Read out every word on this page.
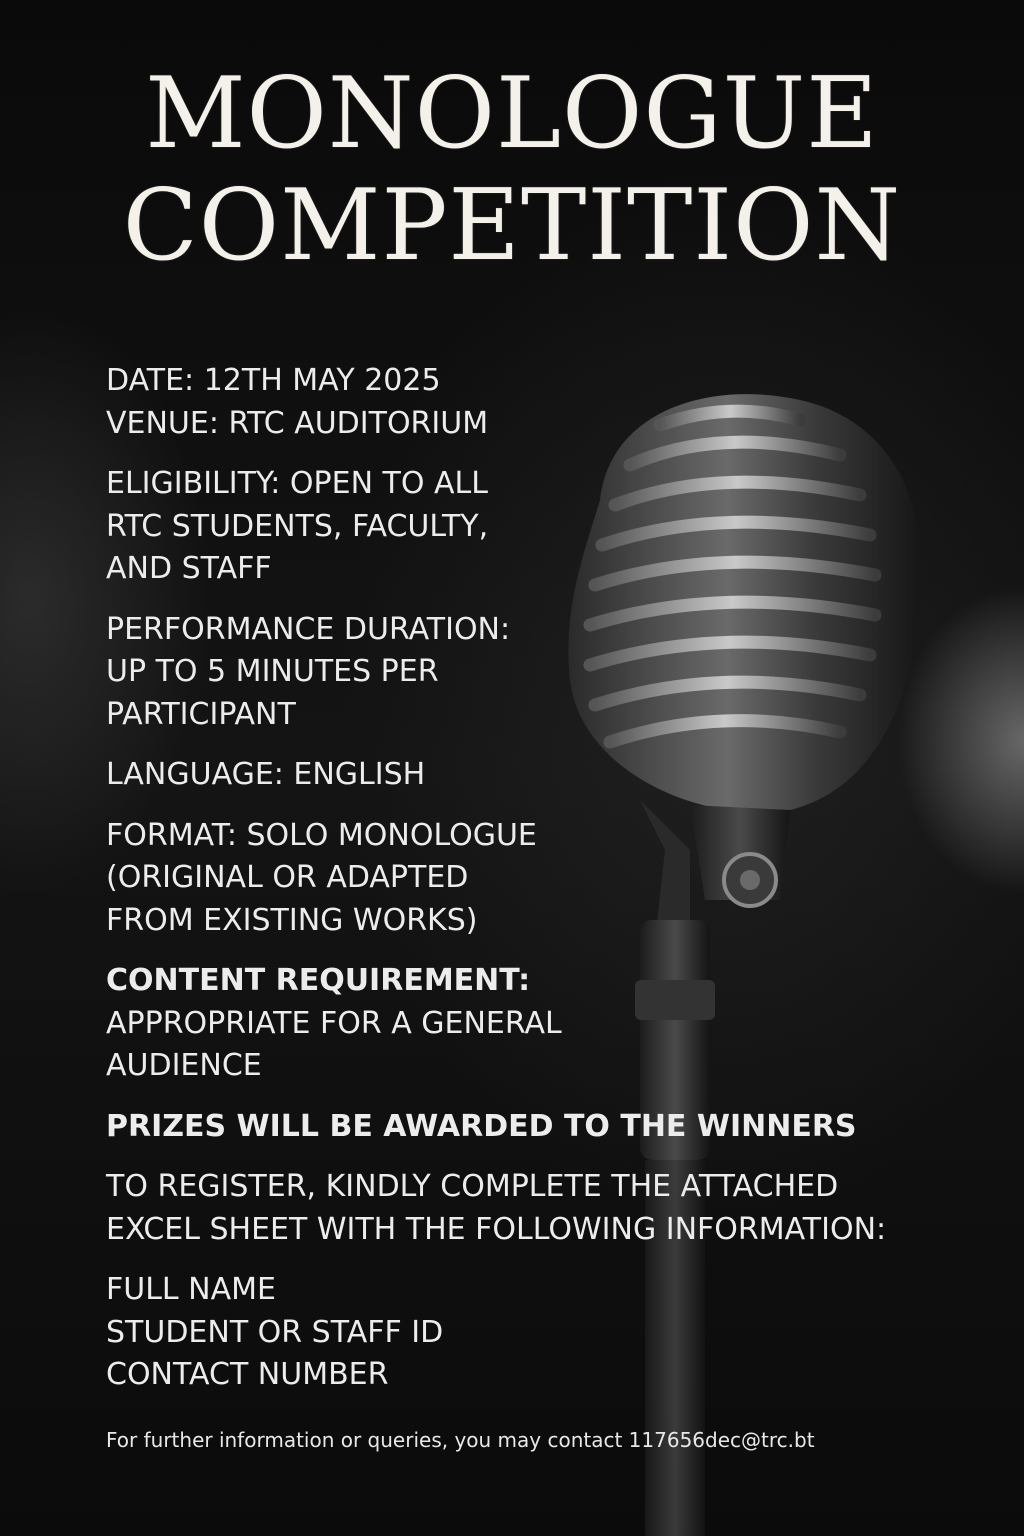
MONOLOGUE
COMPETITION
DATE: 12TH MAY 2025
VENUE: RTC AUDITORIUM
ELIGIBILITY: OPEN TO ALL
RTC STUDENTS, FACULTY,
AND STAFF
PERFORMANCE DURATION:
UP TO 5 MINUTES PER
PARTICIPANT
LANGUAGE: ENGLISH
FORMAT: SOLO MONOLOGUE
(ORIGINAL OR ADAPTED
FROM EXISTING WORKS)
CONTENT REQUIREMENT:
APPROPRIATE FOR A GENERAL
AUDIENCE
PRIZES WILL BE AWARDED TO THE WINNERS
TO REGISTER, KINDLY COMPLETE THE ATTACHED
EXCEL SHEET WITH THE FOLLOWING INFORMATION:
FULL NAME
STUDENT OR STAFF ID
CONTACT NUMBER
For further information or queries, you may contact 117656dec@trc.bt
